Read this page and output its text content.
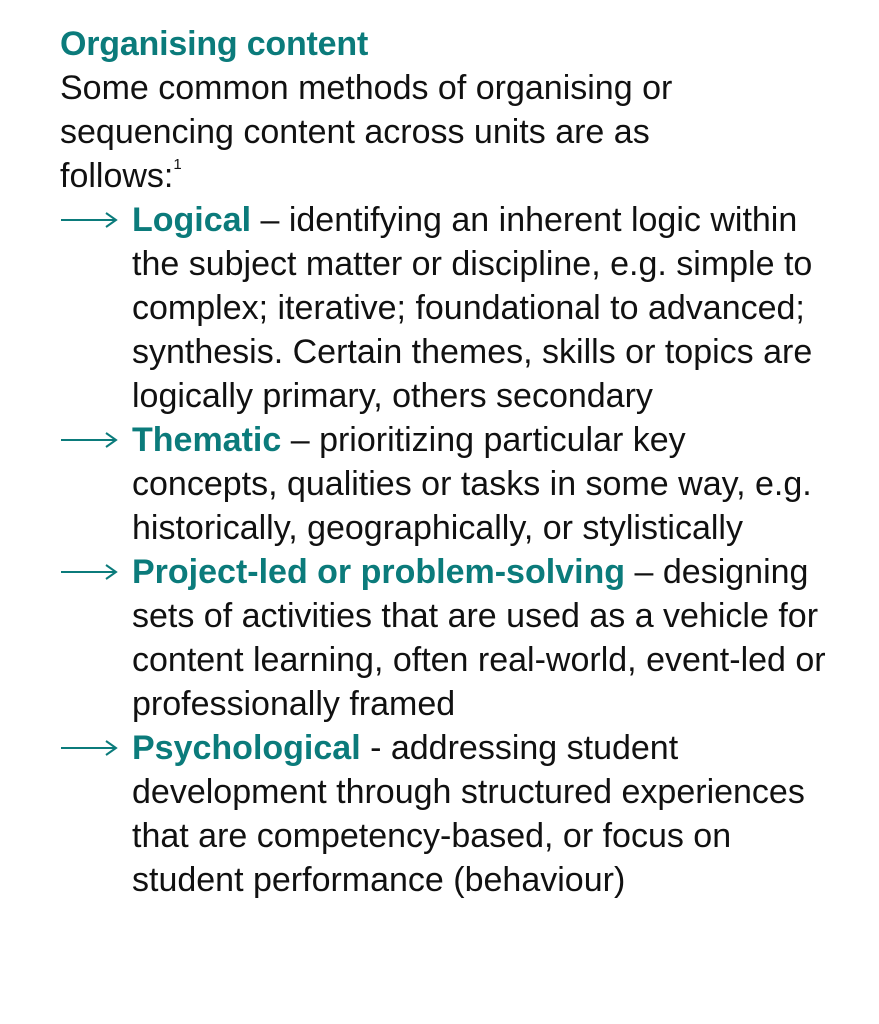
Organising content

Some common methods of organising or sequencing content across units are as follows:$^1$

Logical – identifying an inherent logic within the subject matter or discipline, e.g. simple to complex; iterative; foundational to advanced; synthesis. Certain themes, skills or topics are logically primary, others secondary
Thematic – prioritizing particular key concepts, qualities or tasks in some way, e.g. historically, geographically, or stylistically
Project-led or problem-solving – designing sets of activities that are used as a vehicle for content learning, often real-world, event-led or professionally framed
Psychological - addressing student development through structured experiences that are competency-based, or focus on student performance (behaviour)
